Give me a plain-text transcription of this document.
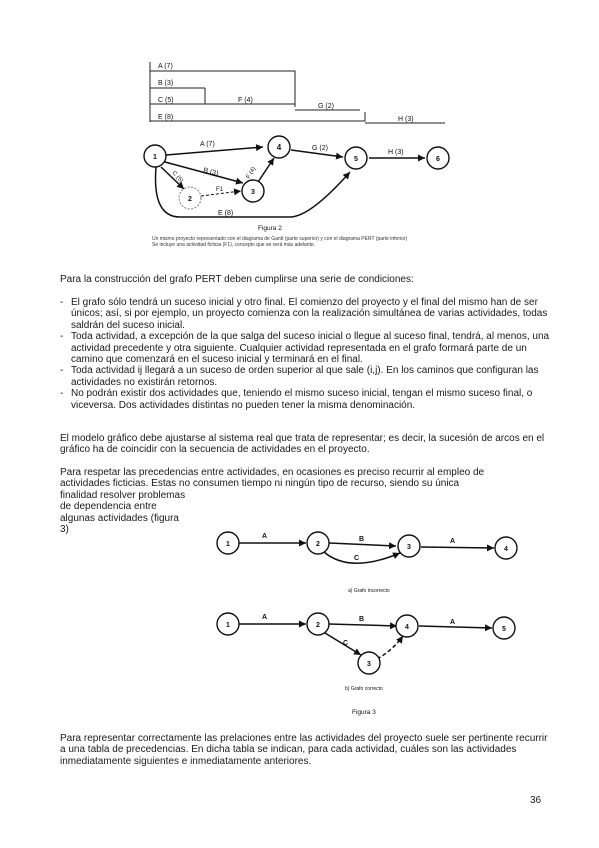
A (7)
B (3)
C (5)	F (4)
G (2)
E (8)	H (3)
1
2
3
4
5	6
A (7)
B (3)
C (5)	F (4)
F1
G (2)
H (3)
E (8)
Figura 2
Un mismo proyecto representado con el diagrama de Gantt (parte superior) y con el diagrama PERT (parte inferior)
Se incluye una actividad ficticia (F1), concepto que se verá más adelante.

Para la construcción del grafo PERT deben cumplirse una serie de condiciones:

- El grafo sólo tendrá un suceso inicial y otro final. El comienzo del proyecto y el final del mismo han de ser únicos; así, si por ejemplo, un proyecto comienza con la realización simultánea de varias actividades, todas saldrán del suceso inicial.
- Toda actividad, a excepción de la que salga del suceso inicial o llegue al suceso final, tendrá, al menos, una actividad precedente y otra siguiente. Cualquier actividad representada en el grafo formará parte de un camino que comenzará en el suceso inicial y terminará en el final.
- Toda actividad ij llegará a un suceso de orden superior al que sale (i,j). En los caminos que configuran las actividades no existirán retornos.
- No podrán existir dos actividades que, teniendo el mismo suceso inicial, tengan el mismo suceso final, o viceversa. Dos actividades distintas no pueden tener la misma denominación.

El modelo gráfico debe ajustarse al sistema real que trata de representar; es decir, la sucesión de arcos en el gráfico ha de coincidir con la secuencia de actividades en el proyecto.

Para respetar las precedencias entre actividades, en ocasiones es preciso recurrir al empleo de
actividades ficticias. Estas no consumen tiempo ni ningún tipo de recurso, siendo su única
finalidad resolver problemas
de dependencia entre
algunas actividades (figura
3)
1	2	3	4
A	B
C
A
a) Grafo incorrecto
1	2	4	5
3
A	B
C
A
b) Grafo correcto
Figura 3

Para representar correctamente las prelaciones entre las actividades del proyecto suele ser pertinente recurrir a una tabla de precedencias. En dicha tabla se indican, para cada actividad, cuáles son las actividades inmediatamente siguientes e inmediatamente anteriores.

36
